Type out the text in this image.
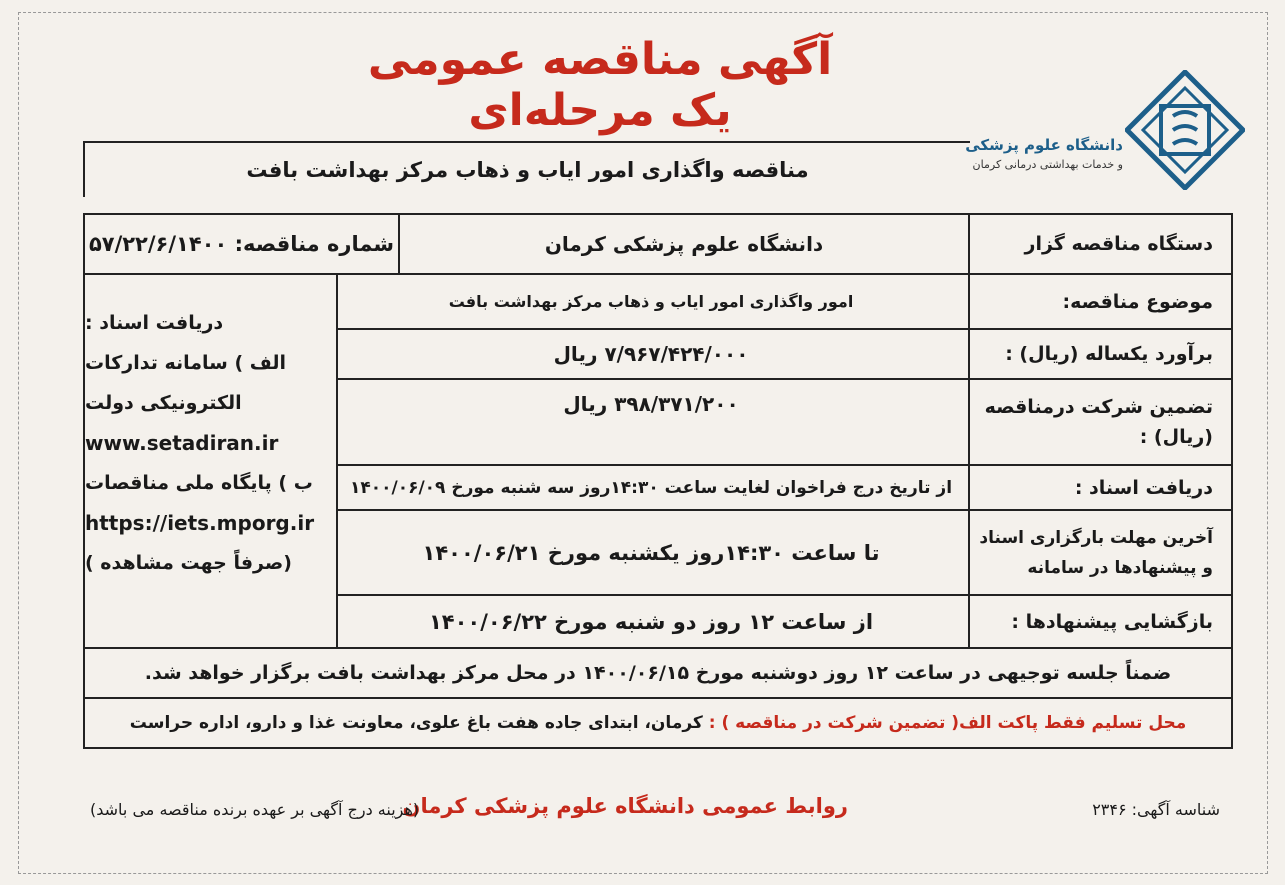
آگهی مناقصه عمومی یک مرحله‌ای
دانشگاه علوم پزشکی
و خدمات بهداشتی درمانی کرمان
مناقصه واگذاری امور ایاب و ذهاب مرکز بهداشت بافت
دستگاه مناقصه گزار
دانشگاه علوم پزشکی کرمان
شماره مناقصه: ۵۷/۲۲/۶/۱۴۰۰
موضوع مناقصه:
امور واگذاری امور ایاب و ذهاب مرکز بهداشت بافت
برآورد یکساله (ریال) :
۷/۹۶۷/۴۲۴/۰۰۰ ریال
تضمین شرکت درمناقصه (ریال) :
۳۹۸/۳۷۱/۲۰۰ ریال
دریافت اسناد :
از تاریخ درج فراخوان لغایت ساعت ۱۴:۳۰روز سه شنبه مورخ ۱۴۰۰/۰۶/۰۹
آخرین مهلت بارگزاری اسناد و پیشنهادها در سامانه
تا ساعت ۱۴:۳۰روز یکشنبه مورخ ۱۴۰۰/۰۶/۲۱
بازگشایی پیشنهادها :
از ساعت ۱۲ روز دو شنبه مورخ ۱۴۰۰/۰۶/۲۲
دریافت اسناد :
الف ) سامانه تدارکات
الکترونیکی دولت
www.setadiran.ir
ب ) پایگاه ملی مناقصات
https://iets.mporg.ir
(صرفاً جهت مشاهده )
ضمناً جلسه توجیهی در ساعت ۱۲ روز دوشنبه مورخ ۱۴۰۰/۰۶/۱۵ در محل مرکز بهداشت بافت برگزار خواهد شد.
محل تسلیم فقط پاکت الف( تضمین شرکت در مناقصه ) :

کرمان، ابتدای جاده هفت باغ علوی، معاونت غذا و دارو، اداره حراست
شناسه آگهی: ۲۳۴۶
روابط عمومی دانشگاه علوم پزشکی کرمان
(هزینه درج آگهی بر عهده برنده مناقصه می باشد)
